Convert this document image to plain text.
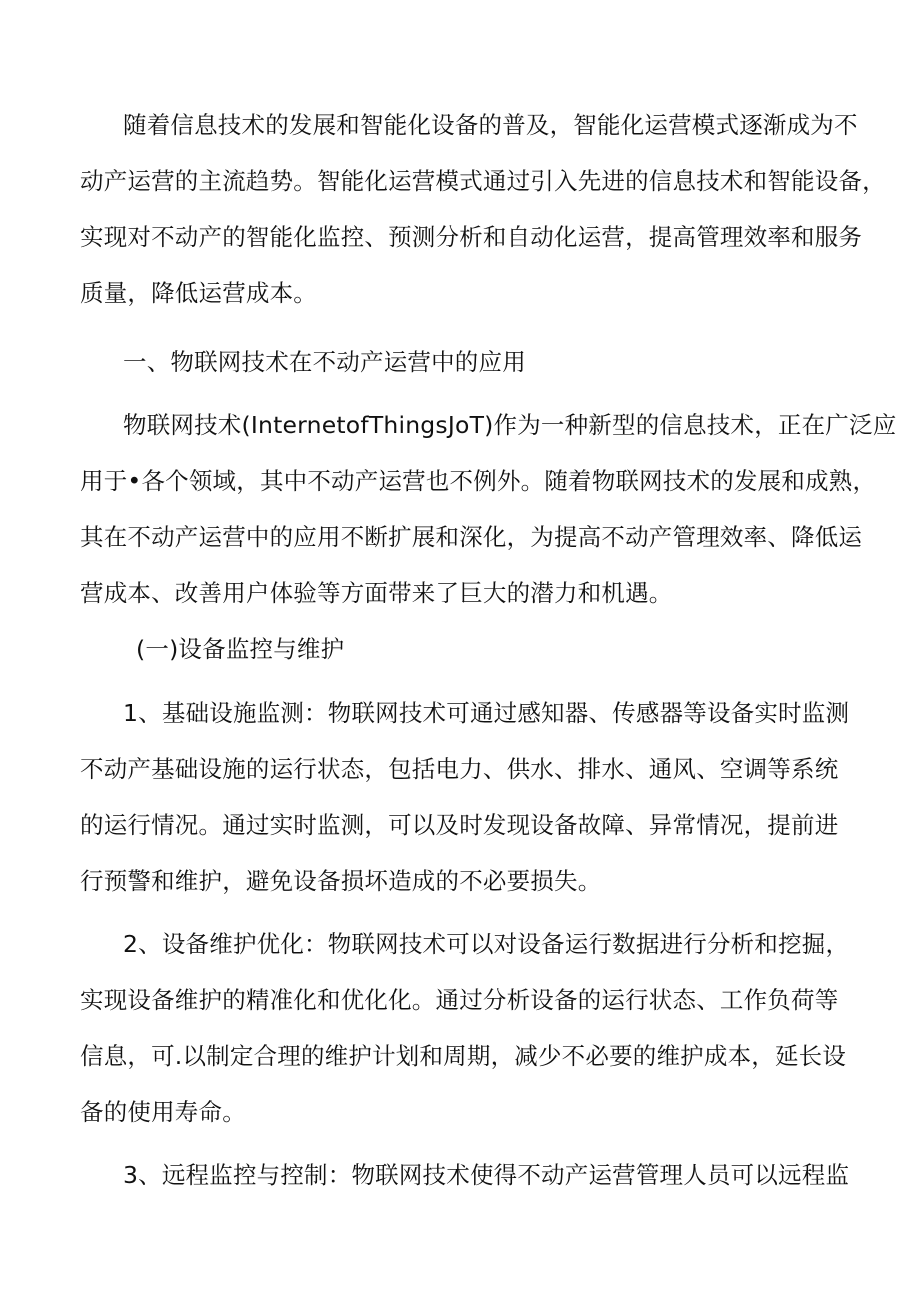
随着信息技术的发展和智能化设备的普及，智能化运营模式逐渐成为不
动产运营的主流趋势。智能化运营模式通过引入先进的信息技术和智能设备，
实现对不动产的智能化监控、预测分析和自动化运营，提高管理效率和服务
质量，降低运营成本。
一、物联网技术在不动产运营中的应用
物联网技术(InternetofThingsJoT)作为一种新型的信息技术，正在广泛应
用于•各个领域，其中不动产运营也不例外。随着物联网技术的发展和成熟，
其在不动产运营中的应用不断扩展和深化，为提高不动产管理效率、降低运
营成本、改善用户体验等方面带来了巨大的潜力和机遇。
(一)设备监控与维护
1、基础设施监测：物联网技术可通过感知器、传感器等设备实时监测
不动产基础设施的运行状态，包括电力、供水、排水、通风、空调等系统
的运行情况。通过实时监测，可以及时发现设备故障、异常情况，提前进
行预警和维护，避免设备损坏造成的不必要损失。
2、设备维护优化：物联网技术可以对设备运行数据进行分析和挖掘，
实现设备维护的精准化和优化化。通过分析设备的运行状态、工作负荷等
信息，可.以制定合理的维护计划和周期，减少不必要的维护成本，延长设
备的使用寿命。
3、远程监控与控制：物联网技术使得不动产运营管理人员可以远程监
